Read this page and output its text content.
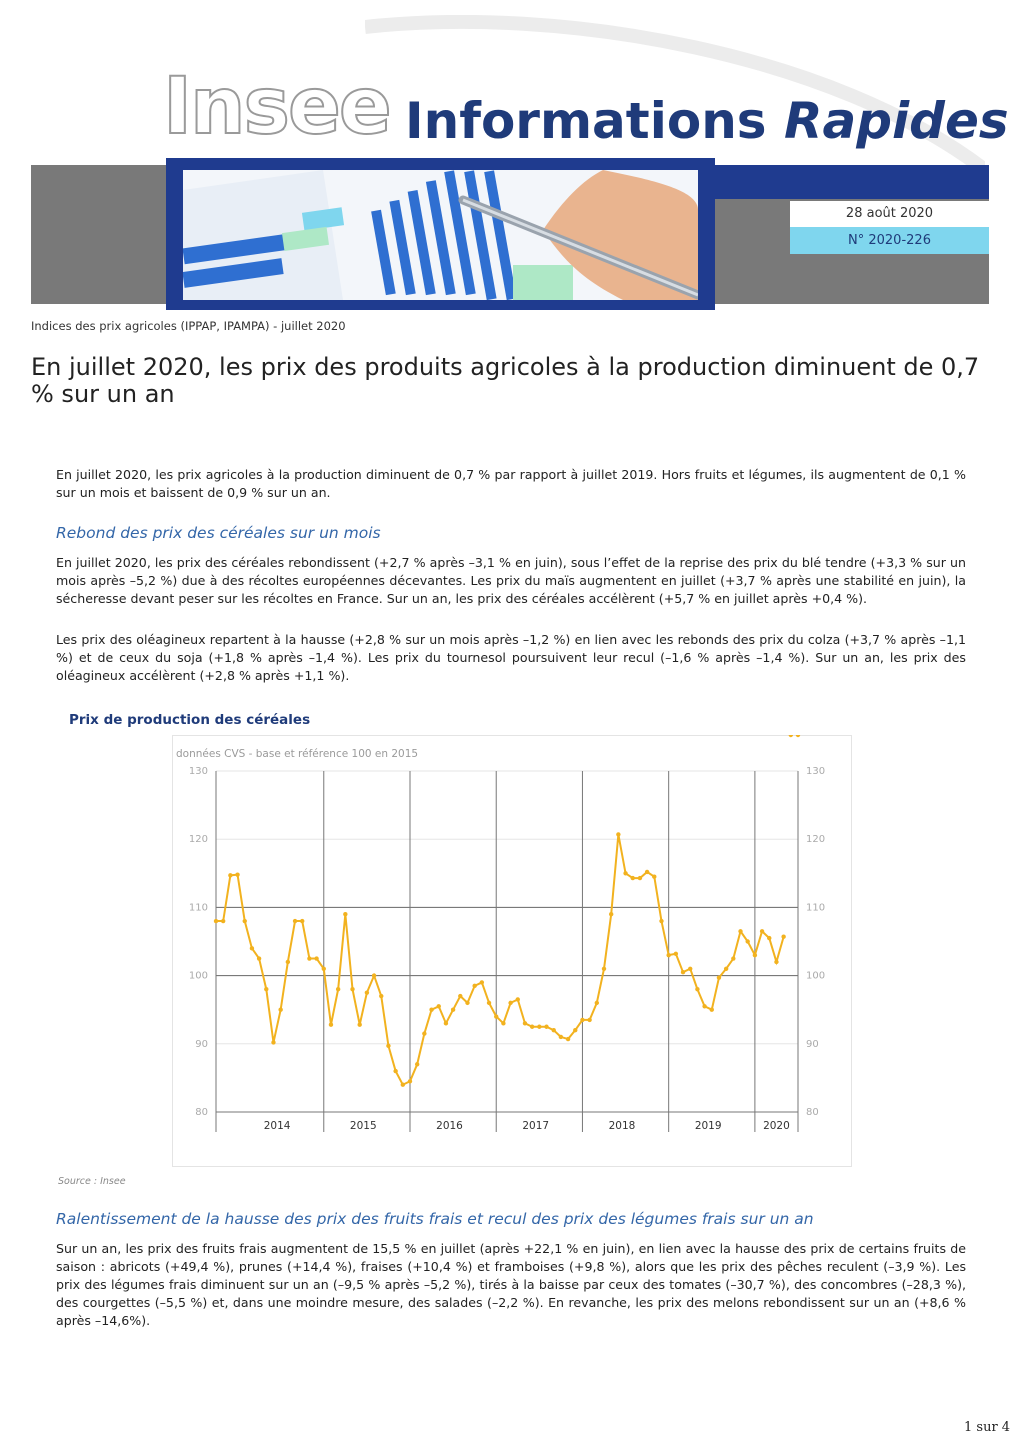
Insee Informations Rapides
28 août 2020
N° 2020-226
Indices des prix agricoles (IPPAP, IPAMPA) - juillet 2020
En juillet 2020, les prix des produits agricoles à la production diminuent de 0,7 % sur un an
En juillet 2020, les prix agricoles à la production diminuent de 0,7 % par rapport à juillet 2019. Hors fruits et légumes, ils augmentent de 0,1 % sur un mois et baissent de 0,9 % sur un an.
Rebond des prix des céréales sur un mois
En juillet 2020, les prix des céréales rebondissent (+2,7 % après –3,1 % en juin), sous l’effet de la reprise des prix du blé tendre (+3,3 % sur un mois après –5,2 %) due à des récoltes européennes décevantes. Les prix du maïs augmentent en juillet (+3,7 % après une stabilité en juin), la sécheresse devant peser sur les récoltes en France. Sur un an, les prix des céréales accélèrent (+5,7 % en juillet après +0,4 %).
Les prix des oléagineux repartent à la hausse (+2,8 % sur un mois après –1,2 %) en lien avec les rebonds des prix du colza (+3,7 % après –1,1 %) et de ceux du soja (+1,8 % après –1,4 %). Les prix du tournesol poursuivent leur recul (–1,6 % après –1,4 %). Sur un an, les prix des oléagineux accélèrent (+2,8 % après +1,1 %).
Prix de production des céréales
données CVS - base et référence 100 en 2015
80	80
90	90
100	100
110	110
120	120
130	130
2014	2015	2016	2017	2018	2019	2020
Source : Insee
Ralentissement de la hausse des prix des fruits frais et recul des prix des légumes frais sur un an
Sur un an, les prix des fruits frais augmentent de 15,5 % en juillet (après +22,1 % en juin), en lien avec la hausse des prix de certains fruits de saison : abricots (+49,4 %), prunes (+14,4 %), fraises (+10,4 %) et framboises (+9,8 %), alors que les prix des pêches reculent (–3,9 %). Les prix des légumes frais diminuent sur un an (–9,5 % après –5,2 %), tirés à la baisse par ceux des tomates (–30,7 %), des concombres (–28,3 %), des courgettes (–5,5 %) et, dans une moindre mesure, des salades (–2,2 %). En revanche, les prix des melons rebondissent sur un an (+8,6 % après –14,6%).
1 sur 4
